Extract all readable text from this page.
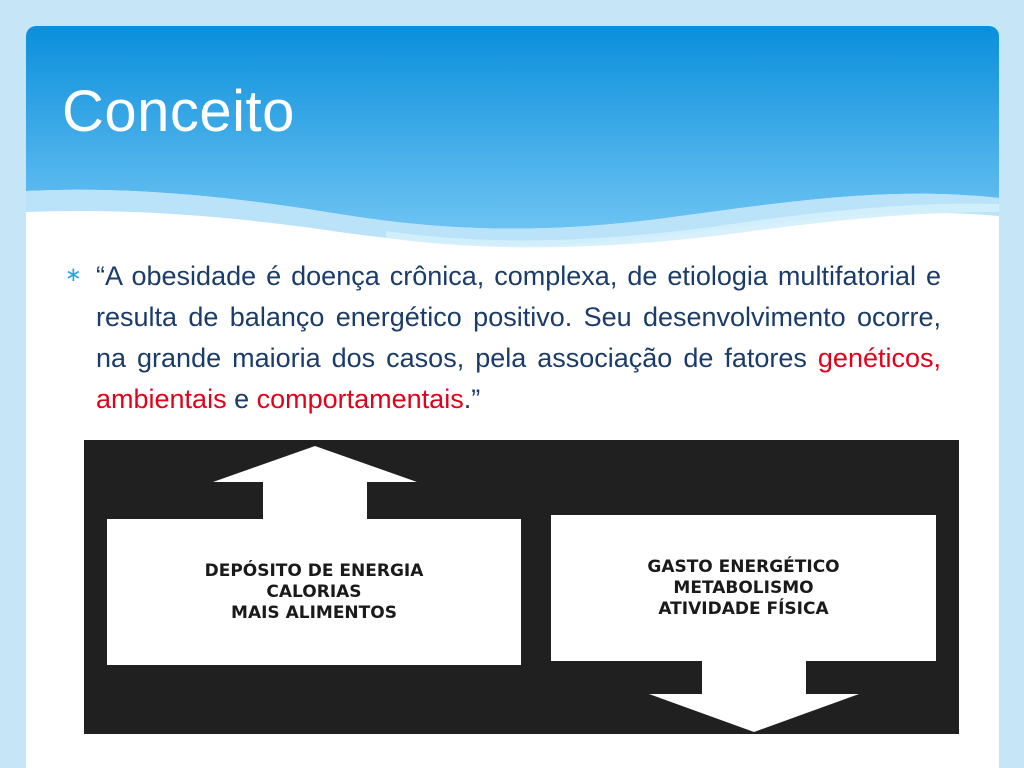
Conceito
∗ “A obesidade é doença crônica, complexa, de etiologia multifatorial e resulta de balanço energético positivo. Seu desenvolvimento ocorre, na grande maioria dos casos, pela associação de fatores genéticos, ambientais e comportamentais.”

DEPÓSITO DE ENERGIA
CALORIAS
MAIS ALIMENTOS
GASTO ENERGÉTICO
METABOLISMO
ATIVIDADE FÍSICA
